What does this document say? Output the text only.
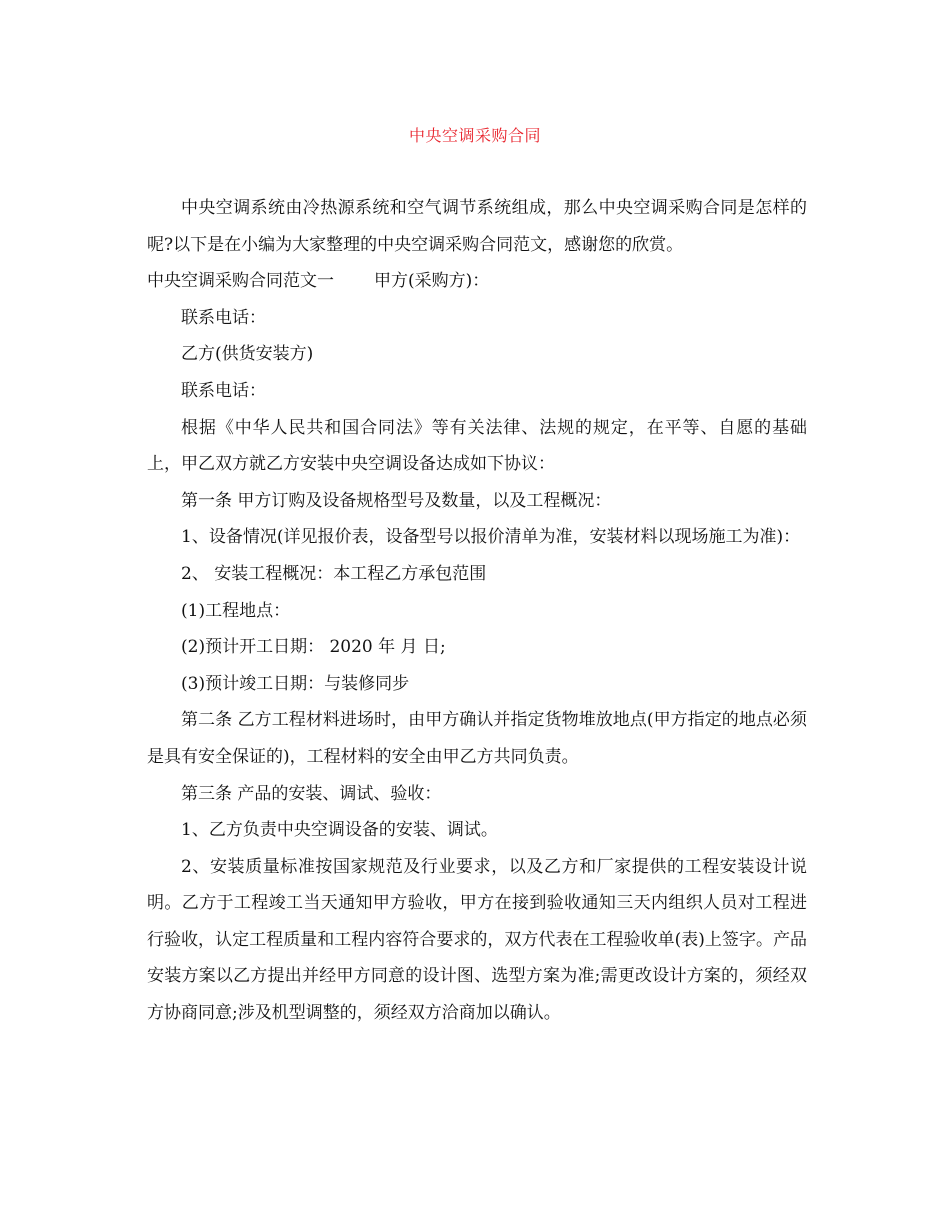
中央空调采购合同

中央空调系统由冷热源系统和空气调节系统组成，那么中央空调采购合同是怎样的呢?以下是在小编为大家整理的中央空调采购合同范文，感谢您的欣赏。

中央空调采购合同范文一 甲方(采购方)：

联系电话：

乙方(供货安装方)

联系电话：

根据《中华人民共和国合同法》等有关法律、法规的规定，在平等、自愿的基础上，甲乙双方就乙方安装中央空调设备达成如下协议：

第一条 甲方订购及设备规格型号及数量，以及工程概况：

1、设备情况(详见报价表，设备型号以报价清单为准，安装材料以现场施工为准)：

2、 安装工程概况：本工程乙方承包范围

(1)工程地点：

(2)预计开工日期： 2020 年 月 日;

(3)预计竣工日期：与装修同步

第二条 乙方工程材料进场时，由甲方确认并指定货物堆放地点(甲方指定的地点必须是具有安全保证的)，工程材料的安全由甲乙方共同负责。

第三条 产品的安装、调试、验收：

1、乙方负责中央空调设备的安装、调试。

2、安装质量标准按国家规范及行业要求，以及乙方和厂家提供的工程安装设计说明。乙方于工程竣工当天通知甲方验收，甲方在接到验收通知三天内组织人员对工程进行验收，认定工程质量和工程内容符合要求的，双方代表在工程验收单(表)上签字。产品安装方案以乙方提出并经甲方同意的设计图、选型方案为准;需更改设计方案的，须经双方协商同意;涉及机型调整的，须经双方洽商加以确认。
